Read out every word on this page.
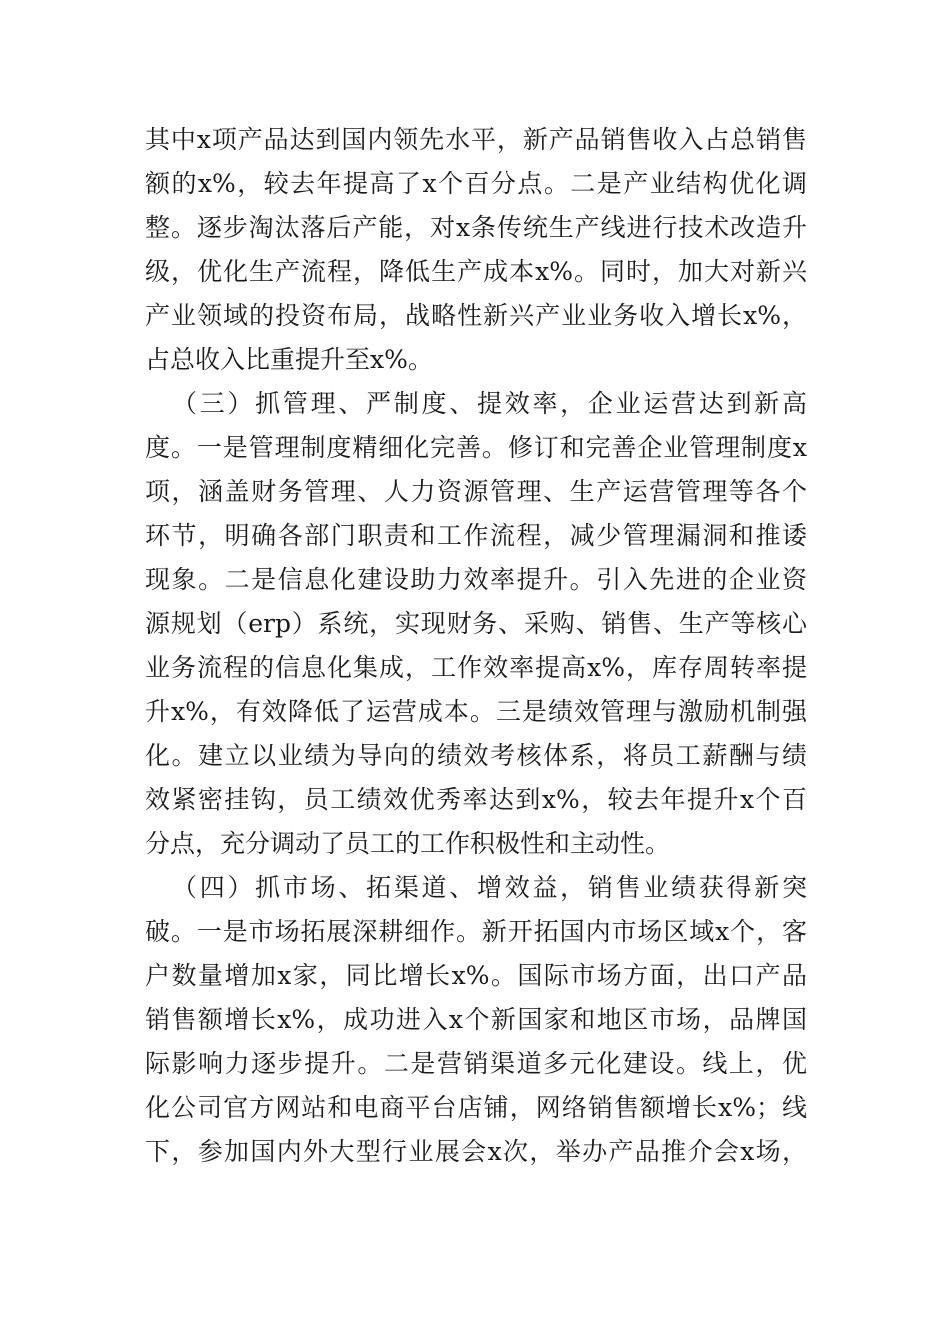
其中x项产品达到国内领先水平，新产品销售收入占总销售
额的x%，较去年提高了x个百分点。二是产业结构优化调
整。逐步淘汰落后产能，对x条传统生产线进行技术改造升
级，优化生产流程，降低生产成本x%。同时，加大对新兴
产业领域的投资布局，战略性新兴产业业务收入增长x%，
占总收入比重提升至x%。
（三）抓管理、严制度、提效率，企业运营达到新高
度。一是管理制度精细化完善。修订和完善企业管理制度x
项，涵盖财务管理、人力资源管理、生产运营管理等各个
环节，明确各部门职责和工作流程，减少管理漏洞和推诿
现象。二是信息化建设助力效率提升。引入先进的企业资
源规划（erp）系统，实现财务、采购、销售、生产等核心
业务流程的信息化集成，工作效率提高x%，库存周转率提
升x%，有效降低了运营成本。三是绩效管理与激励机制强
化。建立以业绩为导向的绩效考核体系，将员工薪酬与绩
效紧密挂钩，员工绩效优秀率达到x%，较去年提升x个百
分点，充分调动了员工的工作积极性和主动性。
（四）抓市场、拓渠道、增效益，销售业绩获得新突
破。一是市场拓展深耕细作。新开拓国内市场区域x个，客
户数量增加x家，同比增长x%。国际市场方面，出口产品
销售额增长x%，成功进入x个新国家和地区市场，品牌国
际影响力逐步提升。二是营销渠道多元化建设。线上，优
化公司官方网站和电商平台店铺，网络销售额增长x%；线
下，参加国内外大型行业展会x次，举办产品推介会x场，
